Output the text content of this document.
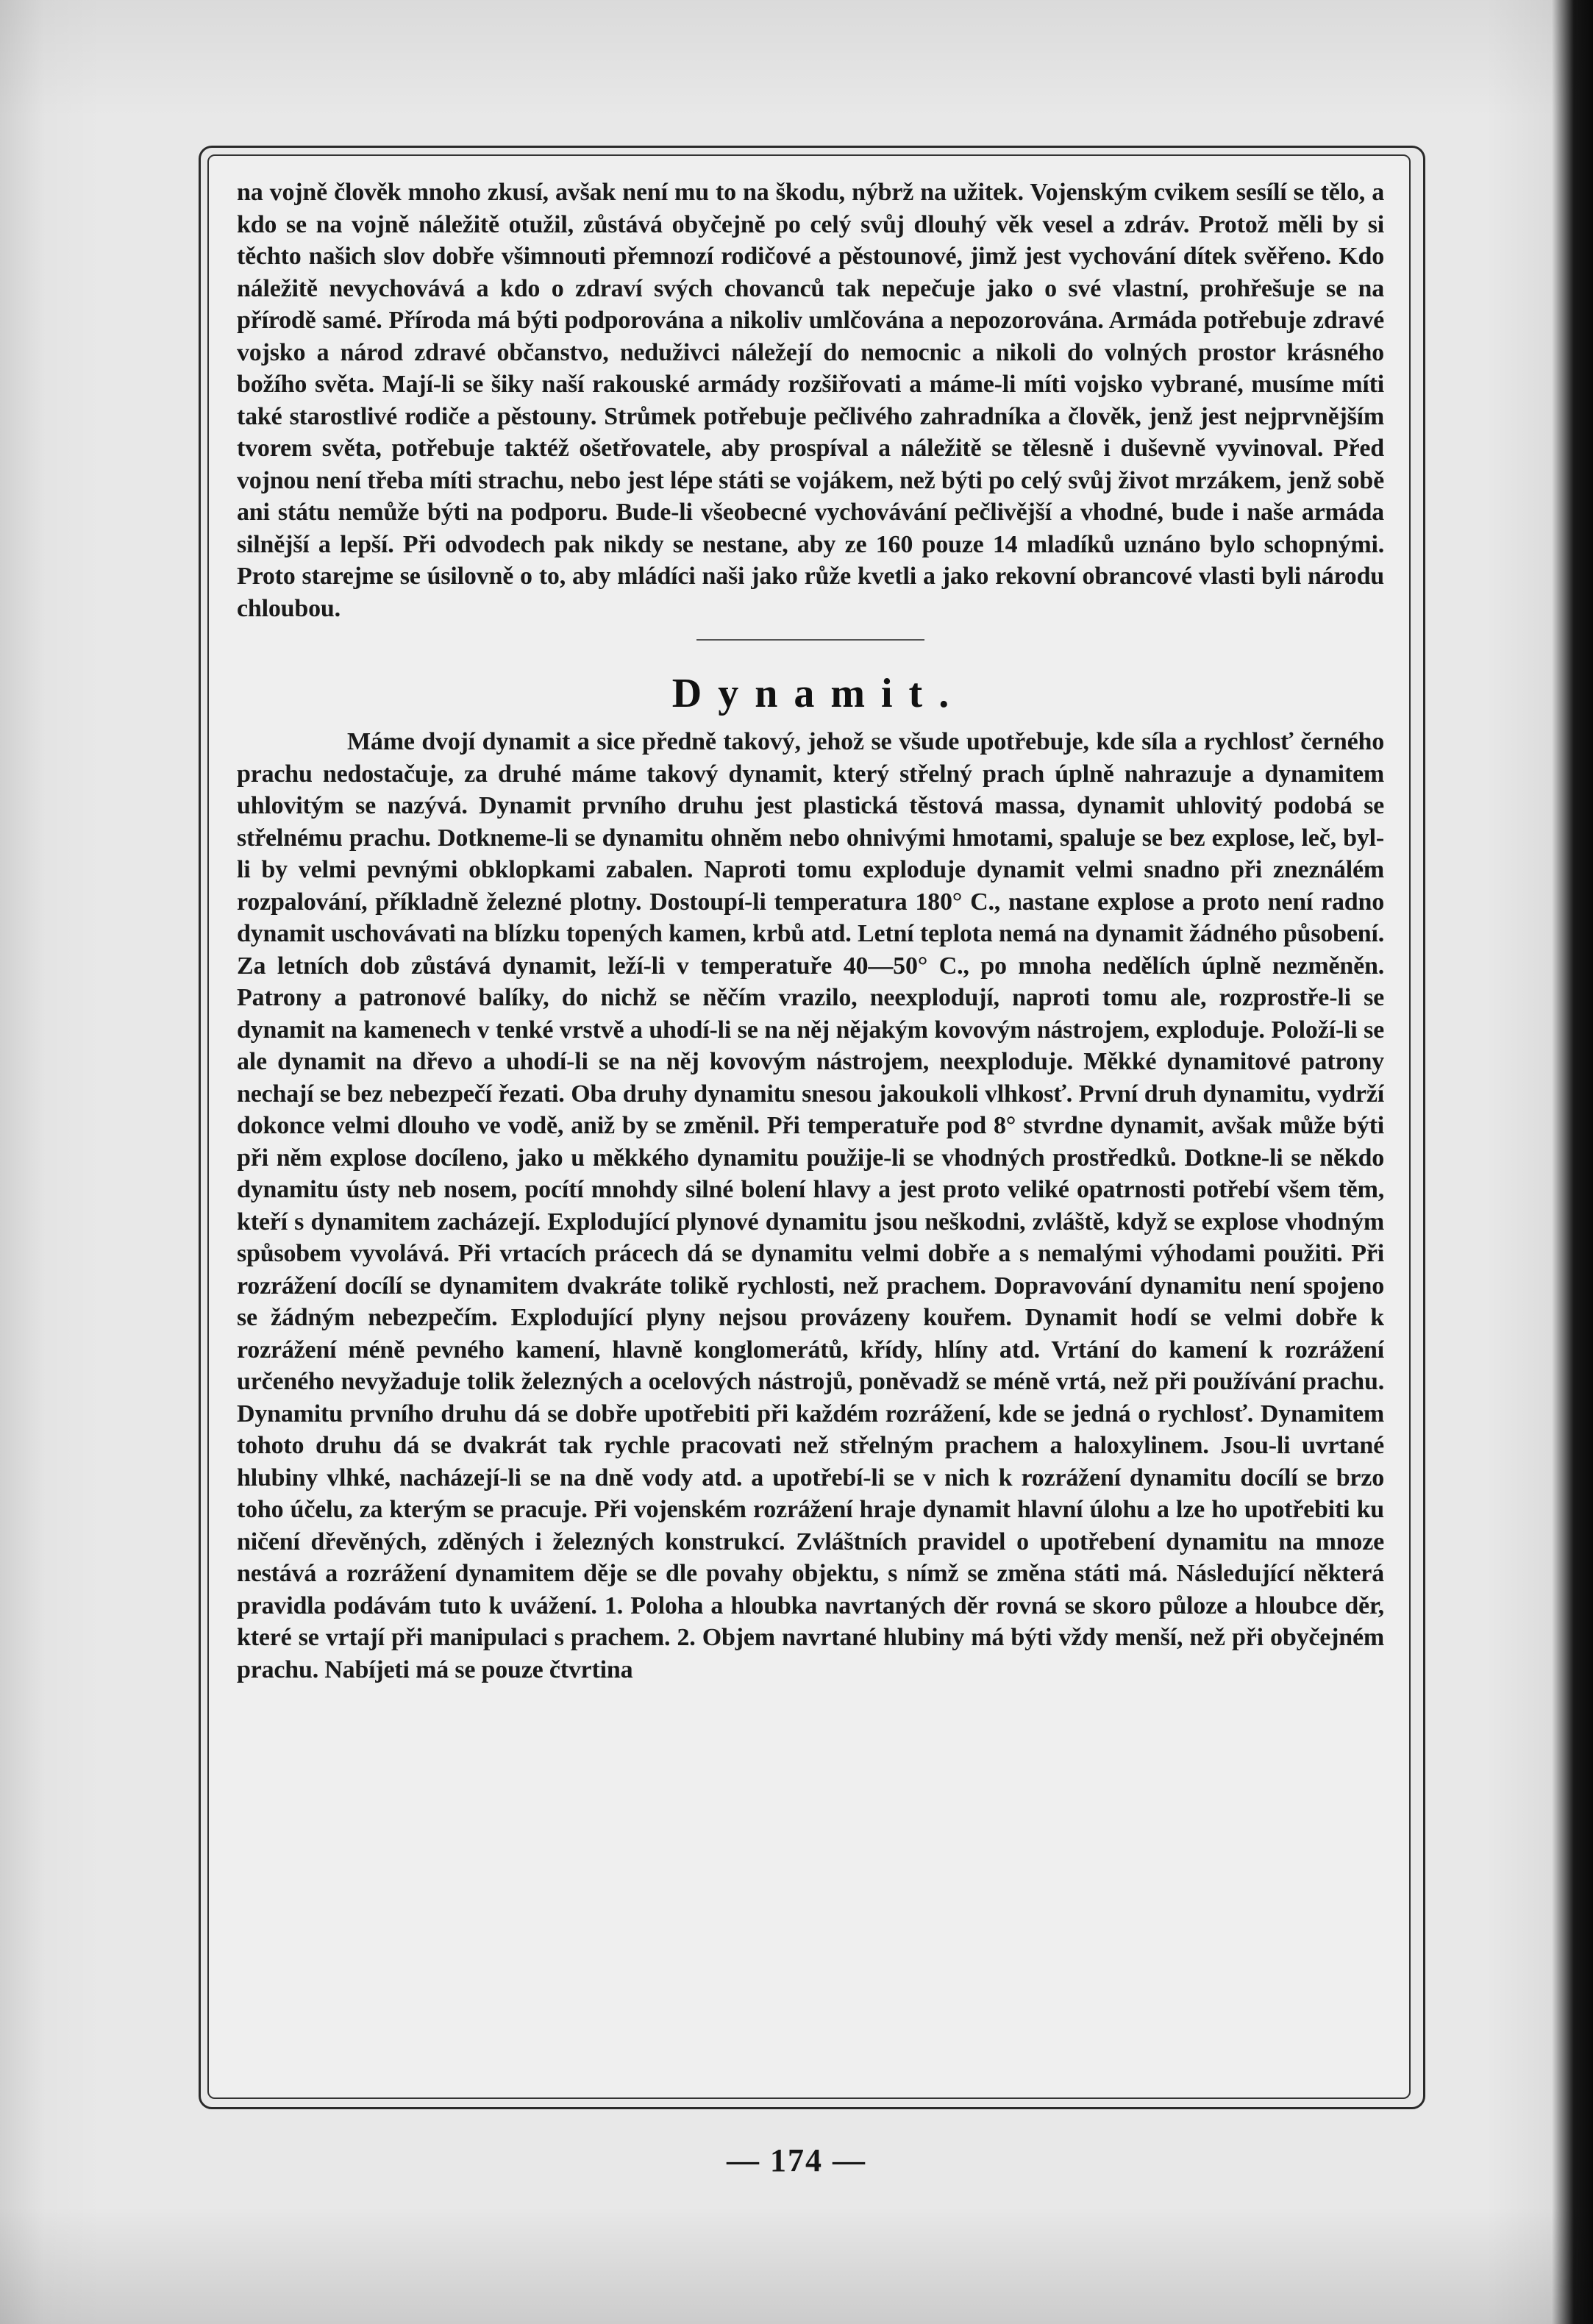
na vojně člověk mnoho zkusí, avšak není mu to na škodu, nýbrž na užitek. Vojenským cvikem sesílí se tělo, a kdo se na vojně náležitě otužil, zůstává obyčejně po celý svůj dlouhý věk vesel a zdráv. Protož měli by si těchto našich slov dobře všimnouti přemnozí rodičové a pěstounové, jimž jest vychování dítek svěřeno. Kdo náležitě nevychovává a kdo o zdraví svých chovanců tak nepečuje jako o své vlastní, prohřešuje se na přírodě samé. Příroda má býti podporována a nikoliv umlčována a nepozorována. Armáda potřebuje zdravé vojsko a národ zdravé občanstvo, neduživci náležejí do nemocnic a nikoli do volných prostor krásného božího světa. Mají-li se šiky naší rakouské armády rozšiřovati a máme-li míti vojsko vybrané, musíme míti také starostlivé rodiče a pěstouny. Strůmek potřebuje pečlivého zahradníka a člověk, jenž jest nejprvnějším tvorem světa, potřebuje taktéž ošetřovatele, aby prospíval a náležitě se tělesně i duševně vyvinoval. Před vojnou není třeba míti strachu, nebo jest lépe státi se vojákem, než býti po celý svůj život mrzákem, jenž sobě ani státu nemůže býti na podporu. Bude-li všeobecné vychovávání pečlivější a vhodné, bude i naše armáda silnější a lepší. Při odvodech pak nikdy se nestane, aby ze 160 pouze 14 mladíků uznáno bylo schopnými. Proto starejme se úsilovně o to, aby mládíci naši jako růže kvetli a jako rekovní obrancové vlasti byli národu chloubou.

Dynamit.

Máme dvojí dynamit a sice předně takový, jehož se všude upotřebuje, kde síla a rychlosť černého prachu nedostačuje, za druhé máme takový dynamit, který střelný prach úplně nahrazuje a dynamitem uhlovitým se nazývá. Dynamit prvního druhu jest plastická těstová massa, dynamit uhlovitý podobá se střelnému prachu. Dotkneme-li se dynamitu ohněm nebo ohnivými hmotami, spaluje se bez explose, leč, byl-li by velmi pevnými obklopkami zabalen. Naproti tomu exploduje dynamit velmi snadno při zneználém rozpalování, příkladně železné plotny. Dostoupí-li temperatura 180° C., nastane explose a proto není radno dynamit uschovávati na blízku topených kamen, krbů atd. Letní teplota nemá na dynamit žádného působení. Za letních dob zůstává dynamit, leží-li v temperatuře 40—50° C., po mnoha nedělích úplně nezměněn. Patrony a patronové balíky, do nichž se něčím vrazilo, neexplodují, naproti tomu ale, rozprostře-li se dynamit na kamenech v tenké vrstvě a uhodí-li se na něj nějakým kovovým nástrojem, exploduje. Položí-li se ale dynamit na dřevo a uhodí-li se na něj kovovým nástrojem, neexploduje. Měkké dynamitové patrony nechají se bez nebezpečí řezati. Oba druhy dynamitu snesou jakoukoli vlhkosť. První druh dynamitu, vydrží dokonce velmi dlouho ve vodě, aniž by se změnil. Při temperatuře pod 8° stvrdne dynamit, avšak může býti při něm explose docíleno, jako u měkkého dynamitu použije-li se vhodných prostředků. Dotkne-li se někdo dynamitu ústy neb nosem, pocítí mnohdy silné bolení hlavy a jest proto veliké opatrnosti potřebí všem těm, kteří s dynamitem zacházejí. Explodující plynové dynamitu jsou neškodni, zvláště, když se explose vhodným spůsobem vyvolává. Při vrtacích prácech dá se dynamitu velmi dobře a s nemalými výhodami použiti. Při rozrážení docílí se dynamitem dvakráte tolikě rychlosti, než prachem. Dopravování dynamitu není spojeno se žádným nebezpečím. Explodující plyny nejsou provázeny kouřem. Dynamit hodí se velmi dobře k rozrážení méně pevného kamení, hlavně konglomerátů, křídy, hlíny atd. Vrtání do kamení k rozrážení určeného nevyžaduje tolik železných a ocelových nástrojů, poněvadž se méně vrtá, než při používání prachu. Dynamitu prvního druhu dá se dobře upotřebiti při každém rozrážení, kde se jedná o rychlosť. Dynamitem tohoto druhu dá se dvakrát tak rychle pracovati než střelným prachem a haloxylinem. Jsou-li uvrtané hlubiny vlhké, nacházejí-li se na dně vody atd. a upotřebí-li se v nich k rozrážení dynamitu docílí se brzo toho účelu, za kterým se pracuje. Při vojenském rozrážení hraje dynamit hlavní úlohu a lze ho upotřebiti ku ničení dřevěných, zděných i železných konstrukcí. Zvláštních pravidel o upotřebení dynamitu na mnoze nestává a rozrážení dynamitem děje se dle povahy objektu, s nímž se změna státi má. Následující některá pravidla podávám tuto k uvážení. 1. Poloha a hloubka navrtaných děr rovná se skoro půloze a hloubce děr, které se vrtají při manipulaci s prachem. 2. Objem navrtané hlubiny má býti vždy menší, než při obyčejném prachu. Nabíjeti má se pouze čtvrtina

— 174 —
